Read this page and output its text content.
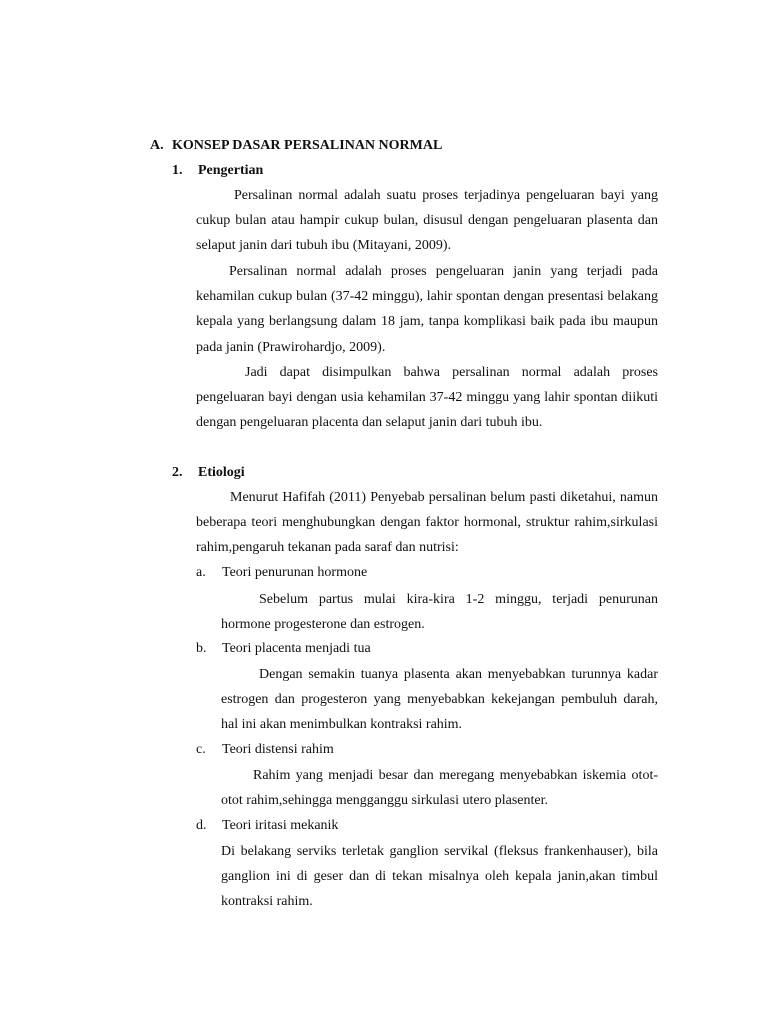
A. KONSEP DASAR PERSALINAN NORMAL
1. Pengertian

Persalinan normal adalah suatu proses terjadinya pengeluaran bayi yang cukup bulan atau hampir cukup bulan, disusul dengan pengeluaran plasenta dan selaput janin dari tubuh ibu (Mitayani, 2009).

Persalinan normal adalah proses pengeluaran janin yang terjadi pada kehamilan cukup bulan (37-42 minggu), lahir spontan dengan presentasi belakang kepala yang berlangsung dalam 18 jam, tanpa komplikasi baik pada ibu maupun pada janin (Prawirohardjo, 2009).

Jadi dapat disimpulkan bahwa persalinan normal adalah proses pengeluaran bayi dengan usia kehamilan 37-42 minggu yang lahir spontan diikuti dengan pengeluaran placenta dan selaput janin dari tubuh ibu.

2. Etiologi

Menurut Hafifah (2011) Penyebab persalinan belum pasti diketahui, namun beberapa teori menghubungkan dengan faktor hormonal, struktur rahim,sirkulasi rahim,pengaruh tekanan pada saraf dan nutrisi:

a. Teori penurunan hormone

Sebelum partus mulai kira-kira 1-2 minggu, terjadi penurunan hormone progesterone dan estrogen.

b. Teori placenta menjadi tua

Dengan semakin tuanya plasenta akan menyebabkan turunnya kadar estrogen dan progesteron yang menyebabkan kekejangan pembuluh darah, hal ini akan menimbulkan kontraksi rahim.

c. Teori distensi rahim

Rahim yang menjadi besar dan meregang menyebabkan iskemia otot-otot rahim,sehingga mengganggu sirkulasi utero plasenter.

d. Teori iritasi mekanik

Di belakang serviks terletak ganglion servikal (fleksus frankenhauser), bila ganglion ini di geser dan di tekan misalnya oleh kepala janin,akan timbul kontraksi rahim.
